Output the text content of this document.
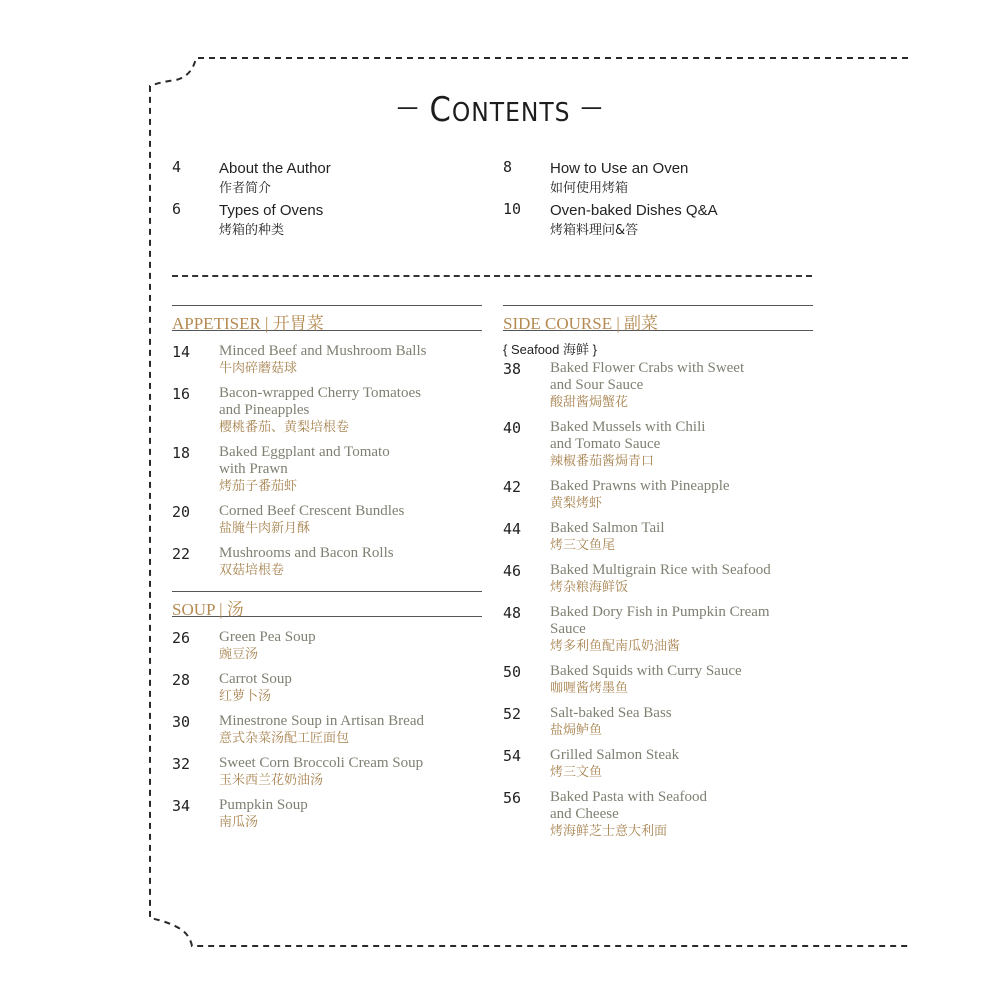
— CONTENTS —
4	About the Author
作者简介
6	Types of Ovens
烤箱的种类
8	How to Use an Oven
如何使用烤箱
10 Oven-baked Dishes Q&A
烤箱料理问&答
APPETISER | 开胃菜
14 Minced Beef and Mushroom Balls
牛肉碎蘑菇球
16 Bacon-wrapped Cherry Tomatoes
and Pineapples
樱桃番茄、黄梨培根卷
18 Baked Eggplant and Tomato
with Prawn
烤茄子番茄虾
20 Corned Beef Crescent Bundles
盐腌牛肉新月酥
22 Mushrooms and Bacon Rolls
双菇培根卷
SOUP | 汤
26 Green Pea Soup
豌豆汤
28 Carrot Soup
红萝卜汤
30 Minestrone Soup in Artisan Bread
意式杂菜汤配工匠面包
32 Sweet Corn Broccoli Cream Soup
玉米西兰花奶油汤
34 Pumpkin Soup
南瓜汤
SIDE COURSE | 副菜
{ Seafood 海鲜 }
38 Baked Flower Crabs with Sweet
and Sour Sauce
酸甜酱焗蟹花
40 Baked Mussels with Chili
and Tomato Sauce
辣椒番茄酱焗青口
42 Baked Prawns with Pineapple
黄梨烤虾
44 Baked Salmon Tail
烤三文鱼尾
46 Baked Multigrain Rice with Seafood
烤杂粮海鲜饭
48 Baked Dory Fish in Pumpkin Cream
Sauce
烤多利鱼配南瓜奶油酱
50 Baked Squids with Curry Sauce
咖喱酱烤墨鱼
52 Salt-baked Sea Bass
盐焗鲈鱼
54 Grilled Salmon Steak
烤三文鱼
56 Baked Pasta with Seafood
and Cheese
烤海鲜芝士意大利面
